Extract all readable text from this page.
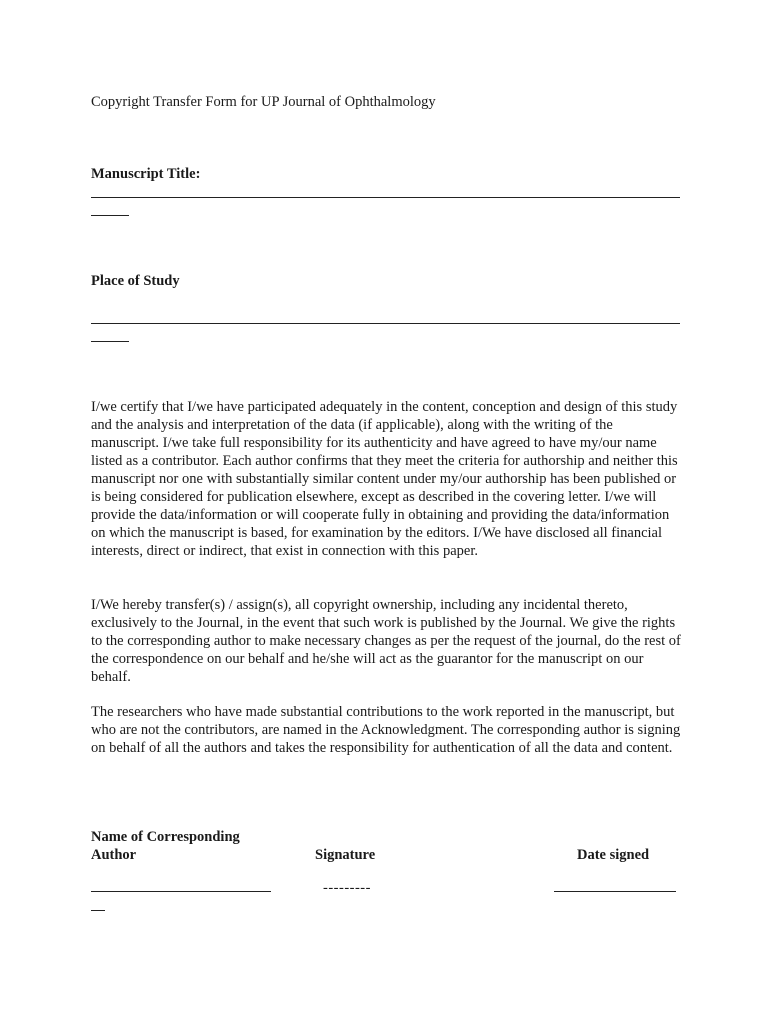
Copyright Transfer Form for UP Journal of Ophthalmology
Manuscript Title:
Place of Study

I/we certify that I/we have participated adequately in the content, conception and design of this study and the analysis and interpretation of the data (if applicable), along with the writing of the manuscript. I/we take full responsibility for its authenticity and have agreed to have my/our name listed as a contributor. Each author confirms that they meet the criteria for authorship and neither this manuscript nor one with substantially similar content under my/our authorship has been published or is being considered for publication elsewhere, except as described in the covering letter. I/we will provide the data/information or will cooperate fully in obtaining and providing the data/information on which the manuscript is based, for examination by the editors. I/We have disclosed all financial interests, direct or indirect, that exist in connection with this paper.

I/We hereby transfer(s) / assign(s), all copyright ownership, including any incidental thereto, exclusively to the Journal, in the event that such work is published by the Journal. We give the rights to the corresponding author to make necessary changes as per the request of the journal, do the rest of the correspondence on our behalf and he/she will act as the guarantor for the manuscript on our behalf.

The researchers who have made substantial contributions to the work reported in the manuscript, but who are not the contributors, are named in the Acknowledgment. The corresponding author is signing on behalf of all the authors and takes the responsibility for authentication of all the data and content.

Name of Corresponding
Author	Signature	Date signed
---------
